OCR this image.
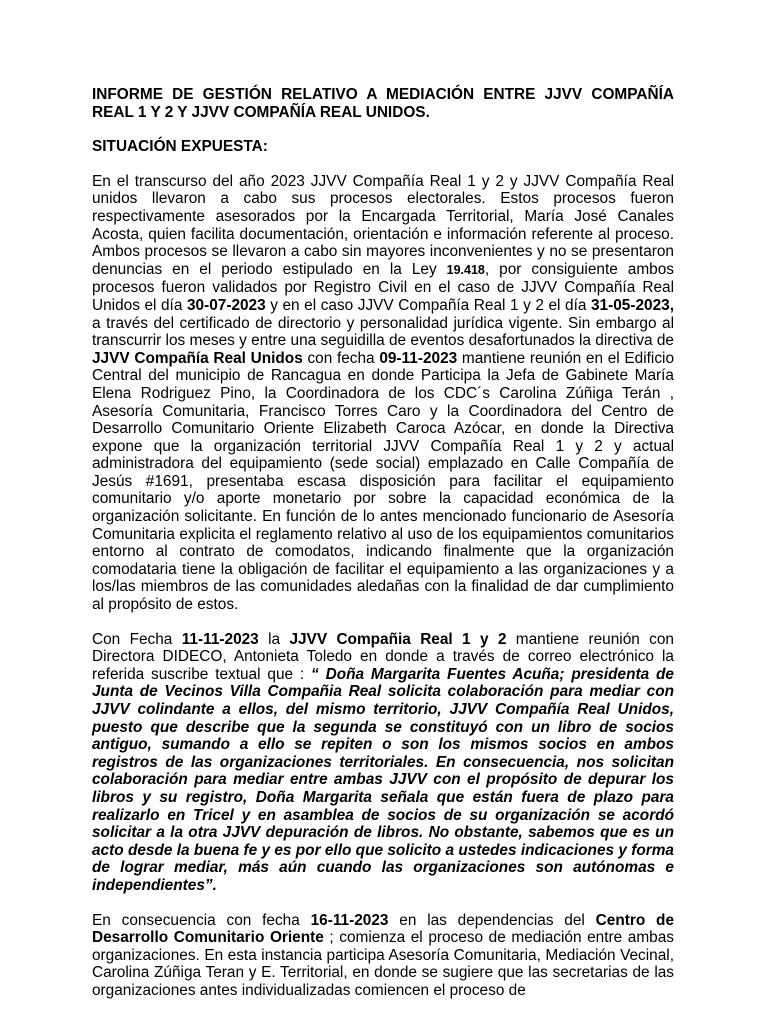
INFORME DE GESTIÓN RELATIVO A MEDIACIÓN ENTRE JJVV COMPAÑÍA REAL 1 Y 2 Y JJVV COMPAÑÍA REAL UNIDOS.

SITUACIÓN EXPUESTA:

En el transcurso del año 2023 JJVV Compañía Real 1 y 2 y JJVV Compañía Real unidos llevaron a cabo sus procesos electorales. Estos procesos fueron respectivamente asesorados por la Encargada Territorial, María José Canales Acosta, quien facilita documentación, orientación e información referente al proceso. Ambos procesos se llevaron a cabo sin mayores inconvenientes y no se presentaron denuncias en el periodo estipulado en la Ley 19.418, por consiguiente ambos procesos fueron validados por Registro Civil en el caso de JJVV Compañía Real Unidos el día 30-07-2023 y en el caso JJVV Compañía Real 1 y 2 el día 31-05-2023, a través del certificado de directorio y personalidad jurídica vigente. Sin embargo al transcurrir los meses y entre una seguidilla de eventos desafortunados la directiva de JJVV Compañía Real Unidos con fecha 09-11-2023 mantiene reunión en el Edificio Central del municipio de Rancagua en donde Participa la Jefa de Gabinete María Elena Rodriguez Pino, la Coordinadora de los CDC´s Carolina Zúñiga Terán , Asesoría Comunitaria, Francisco Torres Caro y la Coordinadora del Centro de Desarrollo Comunitario Oriente Elizabeth Caroca Azócar, en donde la Directiva expone que la organización territorial JJVV Compañía Real 1 y 2 y actual administradora del equipamiento (sede social) emplazado en Calle Compañía de Jesús #1691, presentaba escasa disposición para facilitar el equipamiento comunitario y/o aporte monetario por sobre la capacidad económica de la organización solicitante. En función de lo antes mencionado funcionario de Asesoría Comunitaria explicita el reglamento relativo al uso de los equipamientos comunitarios entorno al contrato de comodatos, indicando finalmente que la organización comodataria tiene la obligación de facilitar el equipamiento a las organizaciones y a los/las miembros de las comunidades aledañas con la finalidad de dar cumplimiento al propósito de estos.

Con Fecha 11-11-2023 la JJVV Compañia Real 1 y 2 mantiene reunión con Directora DIDECO, Antonieta Toledo en donde a través de correo electrónico la referida suscribe textual que : “ Doña Margarita Fuentes Acuña; presidenta de Junta de Vecinos Villa Compañia Real solicita colaboración para mediar con JJVV colindante a ellos, del mismo territorio, JJVV Compañía Real Unidos, puesto que describe que la segunda se constituyó con un libro de socios antiguo, sumando a ello se repiten o son los mismos socios en ambos registros de las organizaciones territoriales. En consecuencia, nos solicitan colaboración para mediar entre ambas JJVV con el propósito de depurar los libros y su registro, Doña Margarita señala que están fuera de plazo para realizarlo en Tricel y en asamblea de socios de su organización se acordó solicitar a la otra JJVV depuración de libros. No obstante, sabemos que es un acto desde la buena fe y es por ello que solicito a ustedes indicaciones y forma de lograr mediar, más aún cuando las organizaciones son autónomas e independientes”.

En consecuencia con fecha 16-11-2023 en las dependencias del Centro de Desarrollo Comunitario Oriente ; comienza el proceso de mediación entre ambas organizaciones. En esta instancia participa Asesoría Comunitaria, Mediación Vecinal, Carolina Zúñiga Teran y E. Territorial, en donde se sugiere que las secretarias de las organizaciones antes individualizadas comiencen el proceso de
